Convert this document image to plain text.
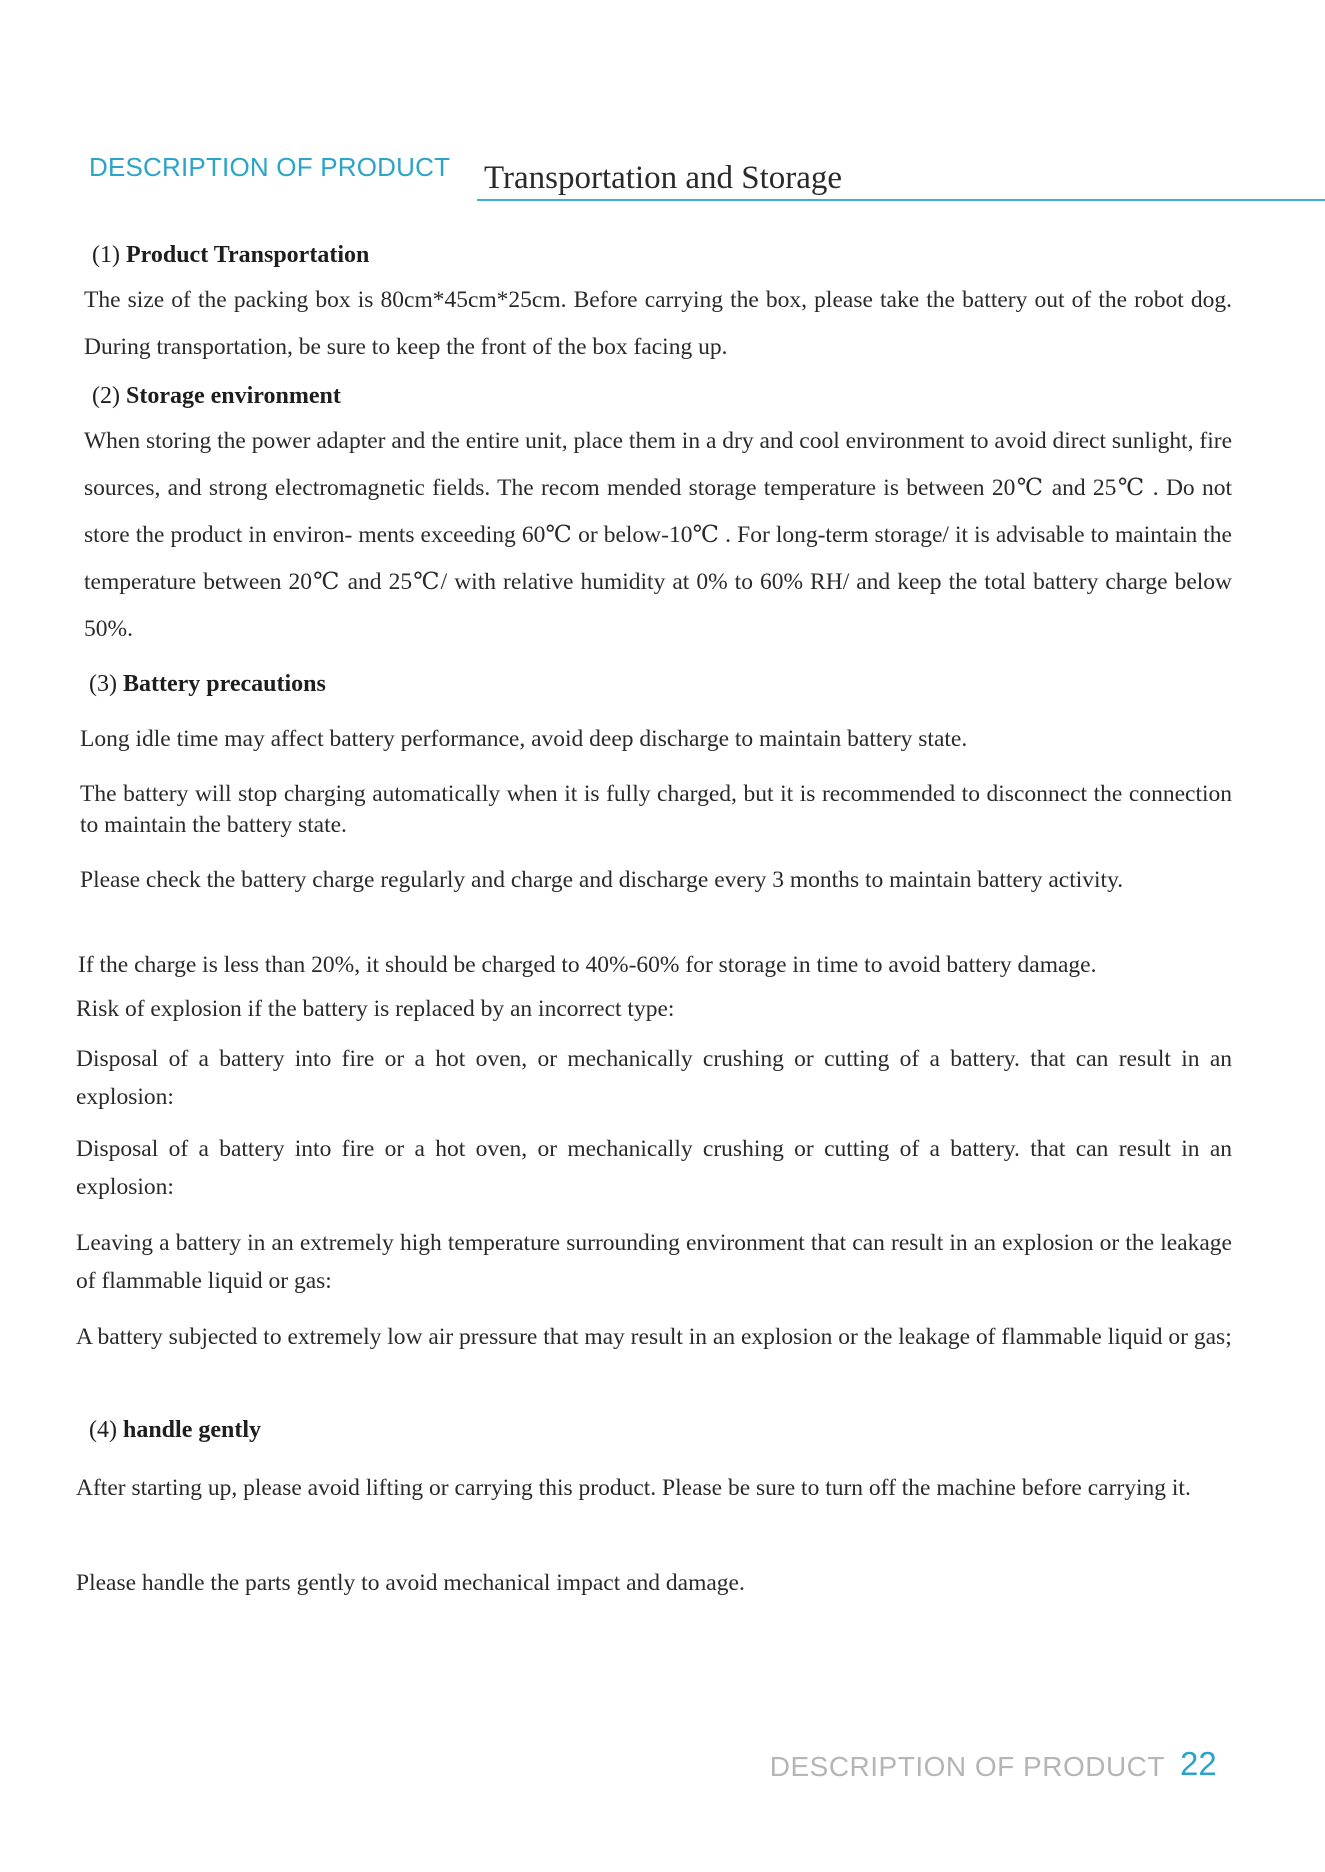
DESCRIPTION OF PRODUCT Transportation and Storage
(1) Product Transportation
The size of the packing box is 80cm*45cm*25cm. Before carrying the box, please take the battery out of the robot dog. During transportation, be sure to keep the front of the box facing up.
(2) Storage environment
When storing the power adapter and the entire unit, place them in a dry and cool environment to avoid direct sunlight, fire sources, and strong electromagnetic fields. The recom mended storage temperature is between 20℃ and 25℃ . Do not store the product in environ- ments exceeding 60℃ or below-10℃ . For long-term storage/ it is advisable to maintain the temperature between 20℃ and 25℃/ with relative humidity at 0% to 60% RH/ and keep the total battery charge below 50%.
(3) Battery precautions
Long idle time may affect battery performance, avoid deep discharge to maintain battery state.
The battery will stop charging automatically when it is fully charged, but it is recommended to disconnect the connection to maintain the battery state.
Please check the battery charge regularly and charge and discharge every 3 months to maintain battery activity.
If the charge is less than 20%, it should be charged to 40%-60% for storage in time to avoid battery damage.
Risk of explosion if the battery is replaced by an incorrect type:
Disposal of a battery into fire or a hot oven, or mechanically crushing or cutting of a battery. that can result in an explosion:
Disposal of a battery into fire or a hot oven, or mechanically crushing or cutting of a battery. that can result in an explosion:
Leaving a battery in an extremely high temperature surrounding environment that can result in an explosion or the leakage of flammable liquid or gas:
A battery subjected to extremely low air pressure that may result in an explosion or the leakage of flammable liquid or gas;
(4) handle gently
After starting up, please avoid lifting or carrying this product. Please be sure to turn off the machine before carrying it.
Please handle the parts gently to avoid mechanical impact and damage.
DESCRIPTION OF PRODUCT 22
